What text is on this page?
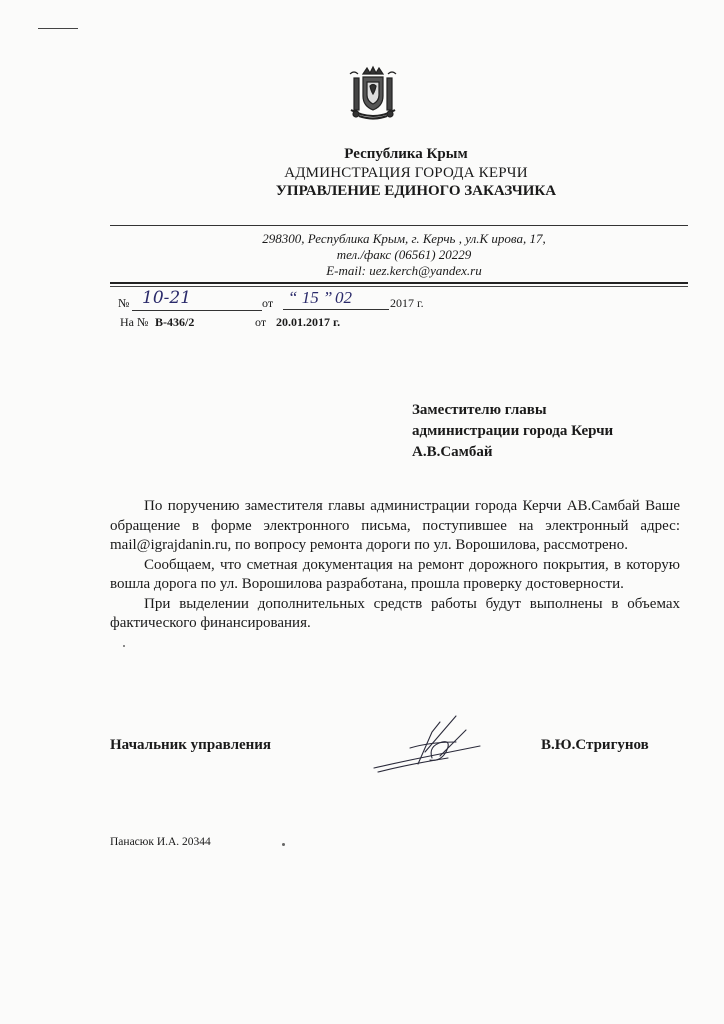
Республика Крым
АДМИНСТРАЦИЯ ГОРОДА КЕРЧИ
УПРАВЛЕНИЕ ЕДИНОГО ЗАКАЗЧИКА
298300, Республика Крым, г. Керчь , ул.К ирова, 17,
тел./факс (06561) 20229
E-mail: uez.kerch@yandex.ru
№ 10-21	от “ 15 ” 02	2017 г.
На № В-436/2	от 20.01.2017 г.
Заместителю главы
администрации города Керчи
А.В.Самбай

По поручению заместителя главы администрации города Керчи АВ.Самбай Ваше обращение в форме электронного письма, поступившее на электронный адрес: mail@igrajdanin.ru, по вопросу ремонта дороги по ул. Ворошилова, рассмотрено.

Сообщаем, что сметная документация на ремонт дорожного покрытия, в которую вошла дорога по ул. Ворошилова разработана, прошла проверку достоверности.

При выделении дополнительных средств работы будут выполнены в объемах фактического финансирования.

Начальник управления	В.Ю.Стригунов
Панасюк И.А. 20344
